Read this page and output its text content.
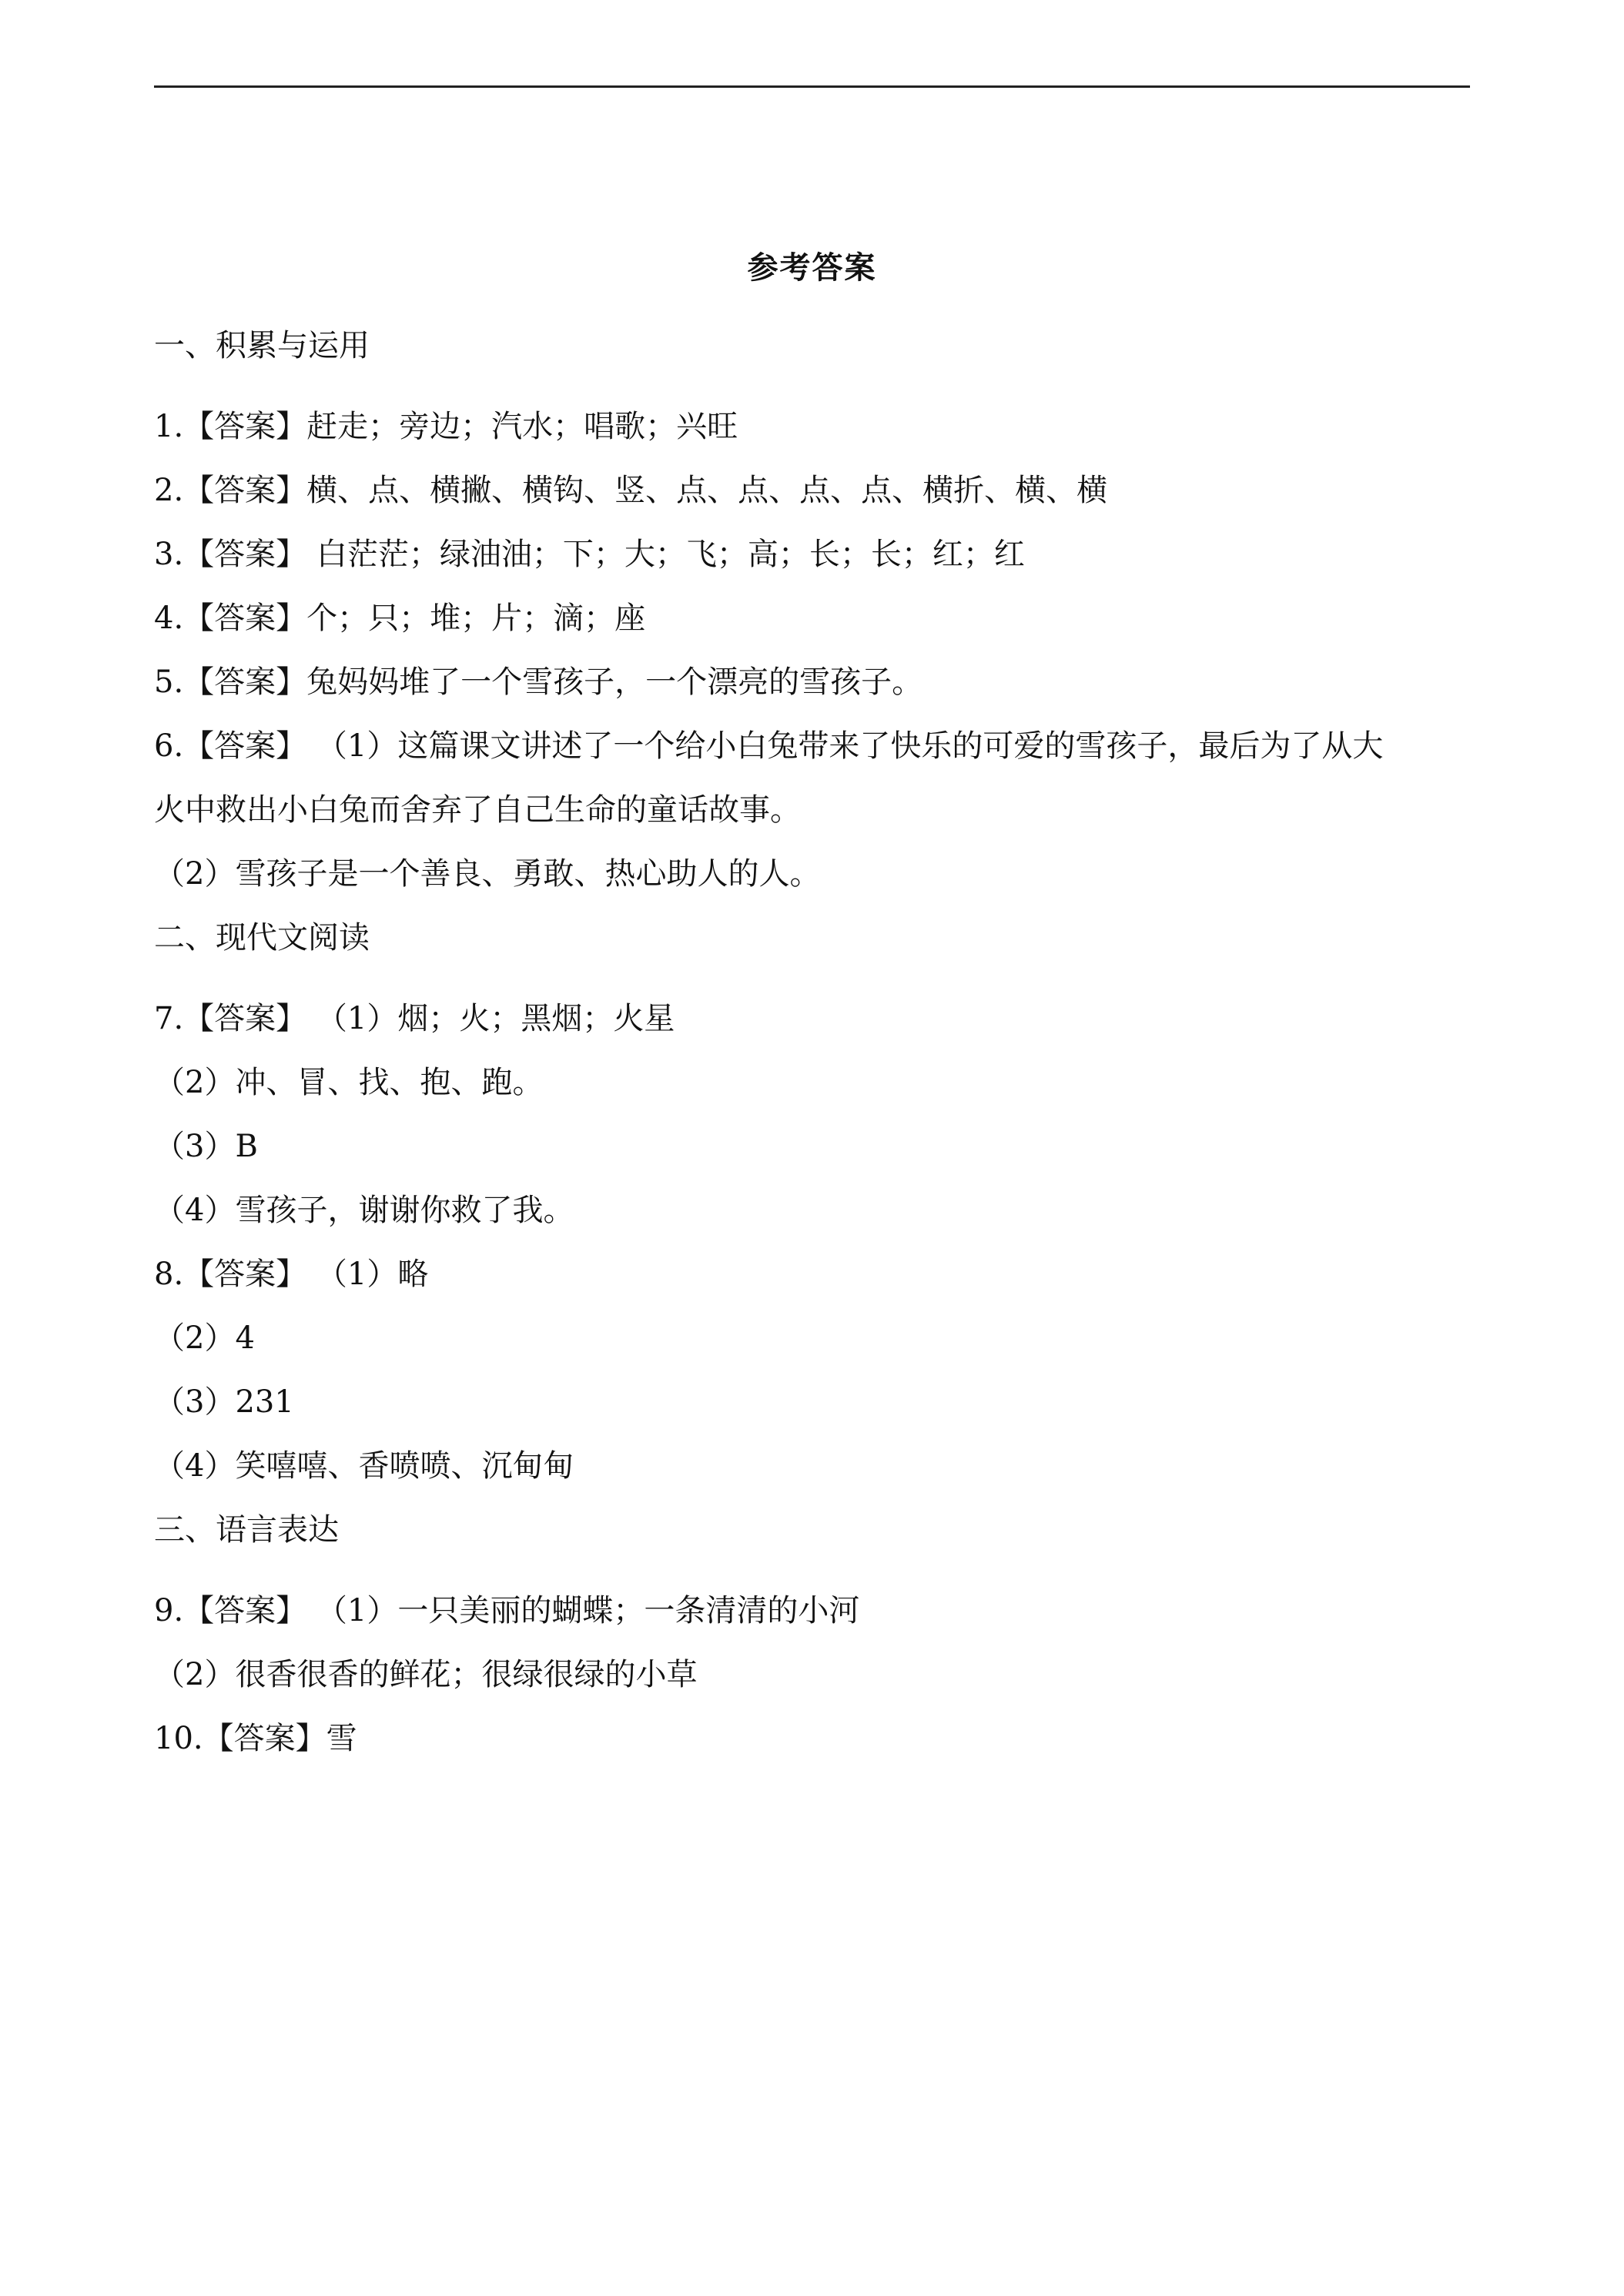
参考答案
一、积累与运用
1.【答案】赶走；旁边；汽水；唱歌；兴旺
2.【答案】横、点、横撇、横钩、竖、点、点、点、点、横折、横、横
3.【答案】 白茫茫；绿油油；下；大；飞；高；长；长；红；红
4.【答案】个；只；堆；片；滴；座
5.【答案】兔妈妈堆了一个雪孩子，一个漂亮的雪孩子。
6.【答案】 （1）这篇课文讲述了一个给小白兔带来了快乐的可爱的雪孩子，最后为了从大
火中救出小白兔而舍弃了自己生命的童话故事。
（2）雪孩子是一个善良、勇敢、热心助人的人。
二、现代文阅读
7.【答案】 （1）烟；火；黑烟；火星
（2）冲、冒、找、抱、跑。
（3）B
（4）雪孩子，谢谢你救了我。
8.【答案】 （1）略
（2）4
（3）231
（4）笑嘻嘻、香喷喷、沉甸甸
三、语言表达
9.【答案】 （1）一只美丽的蝴蝶；一条清清的小河
（2）很香很香的鲜花；很绿很绿的小草
10.【答案】雪
